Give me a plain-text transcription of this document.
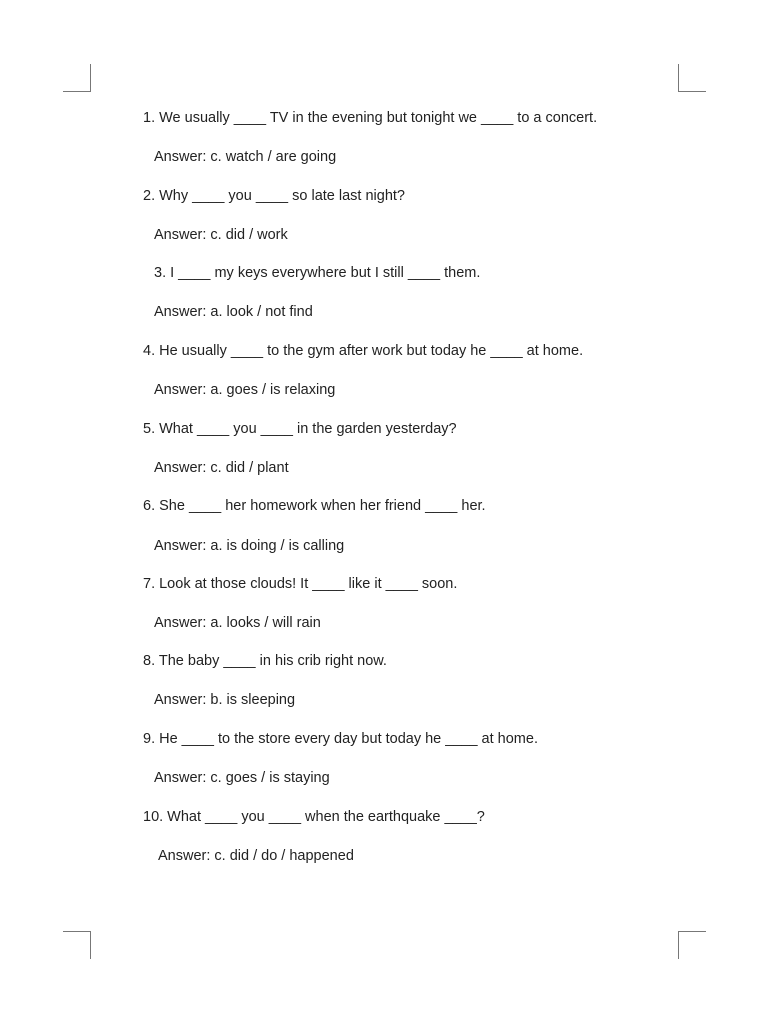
1. We usually ____ TV in the evening but tonight we ____ to a concert.
Answer: c. watch / are going
2. Why ____ you ____ so late last night?
Answer: c. did / work
3. I ____ my keys everywhere but I still ____ them.
Answer: a. look / not find
4. He usually ____ to the gym after work but today he ____ at home.
Answer: a. goes / is relaxing
5. What ____ you ____ in the garden yesterday?
Answer: c. did / plant
6. She ____ her homework when her friend ____ her.
Answer: a. is doing / is calling
7. Look at those clouds! It ____ like it ____ soon.
Answer: a. looks / will rain
8. The baby ____ in his crib right now.
Answer: b. is sleeping
9. He ____ to the store every day but today he ____ at home.
Answer: c. goes / is staying
10. What ____ you ____ when the earthquake ____?
Answer: c. did / do / happened
